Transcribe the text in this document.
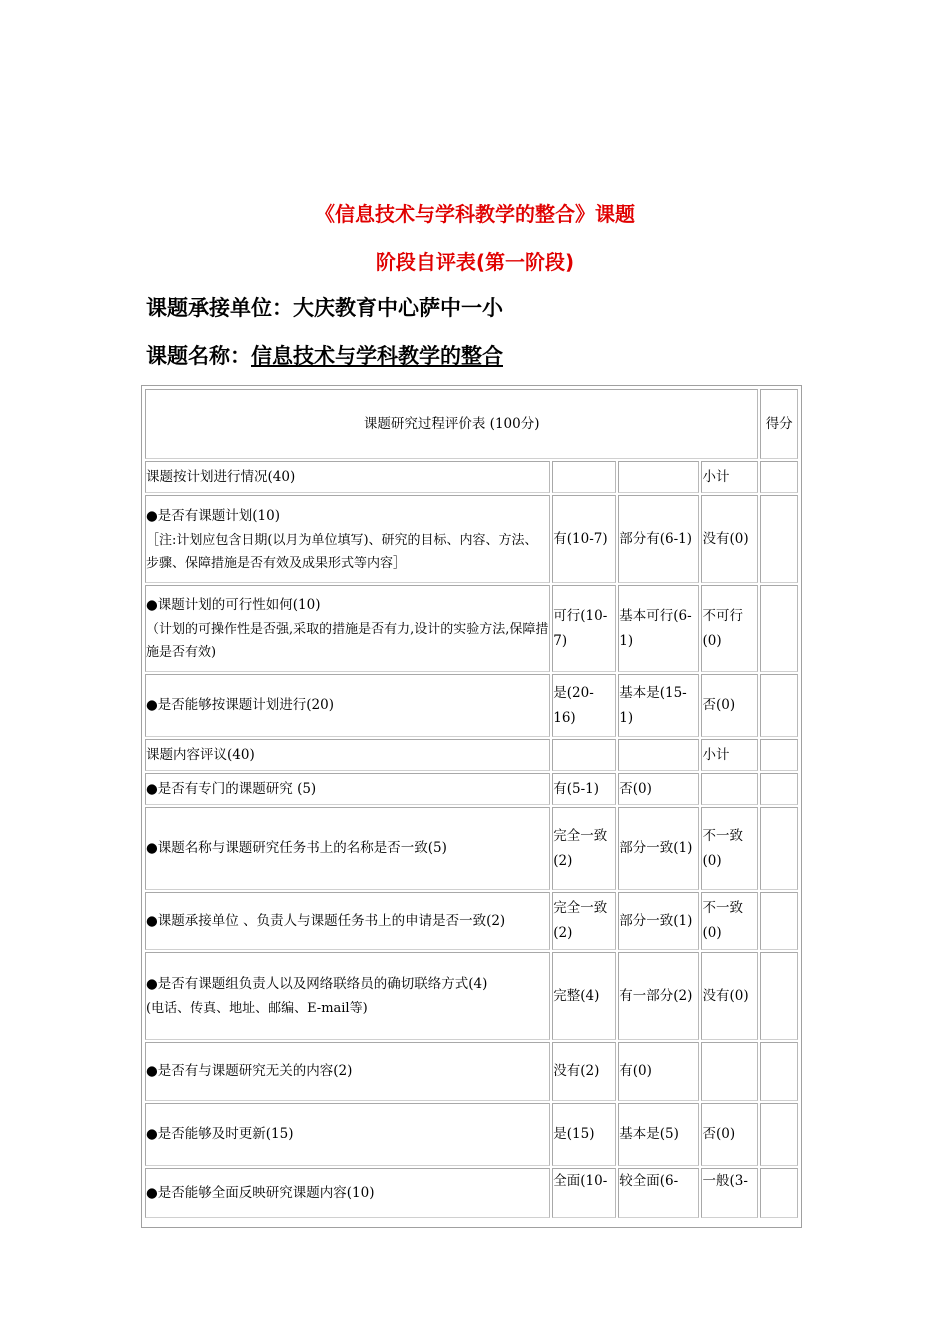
《信息技术与学科教学的整合》课题
阶段自评表(第一阶段)
课题承接单位：大庆教育中心萨中一小
课题名称：信息技术与学科教学的整合
课题研究过程评价表 (100分)				得分
课题按计划进行情况(40)			小计	
●是否有课题计划(10)
［注:计划应包含日期(以月为单位填写)、研究的目标、内容、方法、步骤、保障措施是否有效及成果形式等内容］	有(10-7)	部分有(6-1)	没有(0)	
●课题计划的可行性如何(10)
（计划的可操作性是否强,采取的措施是否有力,设计的实验方法,保障措施是否有效)	可行(10-7)	基本可行(6-1)	不可行(0)	
●是否能够按课题计划进行(20)	是(20-16)	基本是(15-1)	否(0)	
课题内容评议(40)			小计	
●是否有专门的课题研究 (5)	有(5-1)	否(0)		
●课题名称与课题研究任务书上的名称是否一致(5)	完全一致(2)	部分一致(1)	不一致(0)	
●课题承接单位 、负责人与课题任务书上的申请是否一致(2)	完全一致(2)	部分一致(1)	不一致(0)	
●是否有课题组负责人以及网络联络员的确切联络方式(4)
(电话、传真、地址、邮编、E-mail等)	完整(4)	有一部分(2)	没有(0)	
●是否有与课题研究无关的内容(2)	没有(2)	有(0)		
●是否能够及时更新(15)	是(15)	基本是(5)	否(0)	
●是否能够全面反映研究课题内容(10)	全面(10-	较全面(6-	一般(3-	
